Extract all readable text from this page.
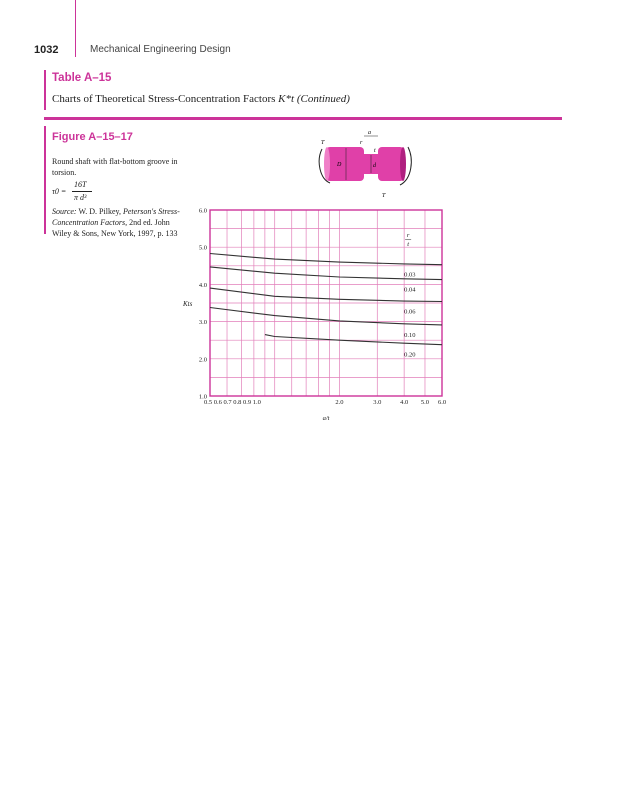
1032	Mechanical Engineering Design
Table A–15
Charts of Theoretical Stress-Concentration Factors K*t (Continued)
Figure A–15–17
Round shaft with flat-bottom groove in torsion.
τ0 =
16T
π d³
Source: W. D. Pilkey, Peterson's Stress-Concentration Factors, 2nd ed. John Wiley & Sons, New York, 1997, p. 133
a
r
t
T
D	d
T
1.0
2.0
3.0
4.0
5.0
6.0
2.0	3.0	4.0 5.0 6.0
0.5 0.6 0.7 0.8 0.9 1.0
a/t
Kts
0.03
0.04
0.06
0.10
0.20
r
t
